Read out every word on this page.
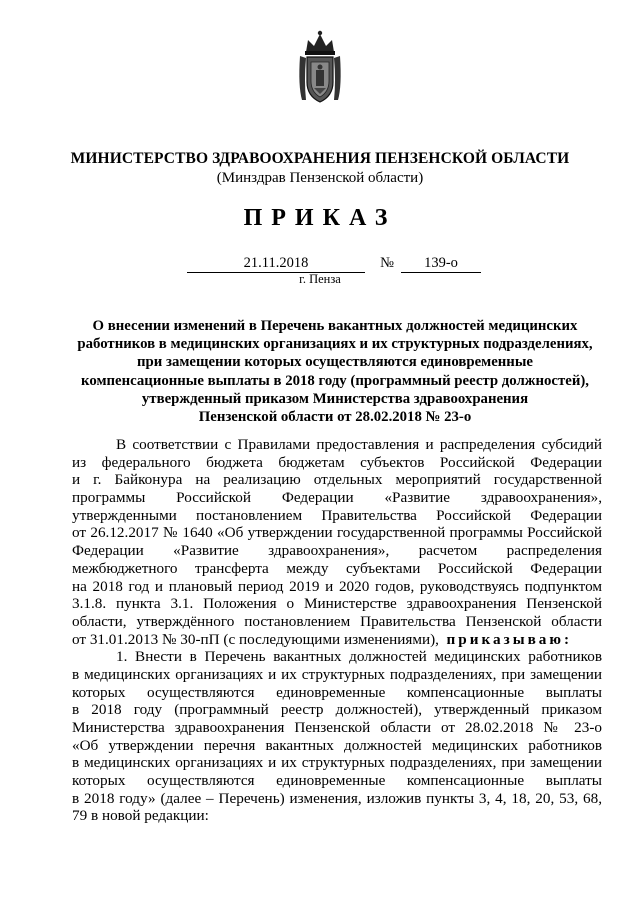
МИНИСТЕРСТВО ЗДРАВООХРАНЕНИЯ ПЕНЗЕНСКОЙ ОБЛАСТИ
(Минздрав Пензенской области)
ПРИКАЗ
21.11.2018	№	139-о
г. Пенза
О внесении изменений в Перечень вакантных должностей медицинских
работников в медицинских организациях и их структурных подразделениях,
при замещении которых осуществляются единовременные
компенсационные выплаты в 2018 году (программный реестр должностей),
утвержденный приказом Министерства здравоохранения
Пензенской области от 28.02.2018 № 23-о
В соответствии с Правилами предоставления и распределения субсидий
из федерального бюджета бюджетам субъектов Российской Федерации
и г. Байконура на реализацию отдельных мероприятий государственной
программы Российской Федерации «Развитие здравоохранения»,
утвержденными постановлением Правительства Российской Федерации
от 26.12.2017 № 1640 «Об утверждении государственной программы Российской
Федерации «Развитие здравоохранения», расчетом распределения
межбюджетного трансферта между субъектами Российской Федерации
на 2018 год и плановый период 2019 и 2020 годов, руководствуясь подпунктом
3.1.8. пункта 3.1. Положения о Министерстве здравоохранения Пензенской
области, утверждённого постановлением Правительства Пензенской области
от 31.01.2013 № 30-пП (с последующими изменениями), приказываю:
1. Внести в Перечень вакантных должностей медицинских работников
в медицинских организациях и их структурных подразделениях, при замещении
которых осуществляются единовременные компенсационные выплаты
в 2018 году (программный реестр должностей), утвержденный приказом
Министерства здравоохранения Пензенской области от 28.02.2018 № 23-о
«Об утверждении перечня вакантных должностей медицинских работников
в медицинских организациях и их структурных подразделениях, при замещении
которых осуществляются единовременные компенсационные выплаты
в 2018 году» (далее – Перечень) изменения, изложив пункты 3, 4, 18, 20, 53, 68,
79 в новой редакции:
